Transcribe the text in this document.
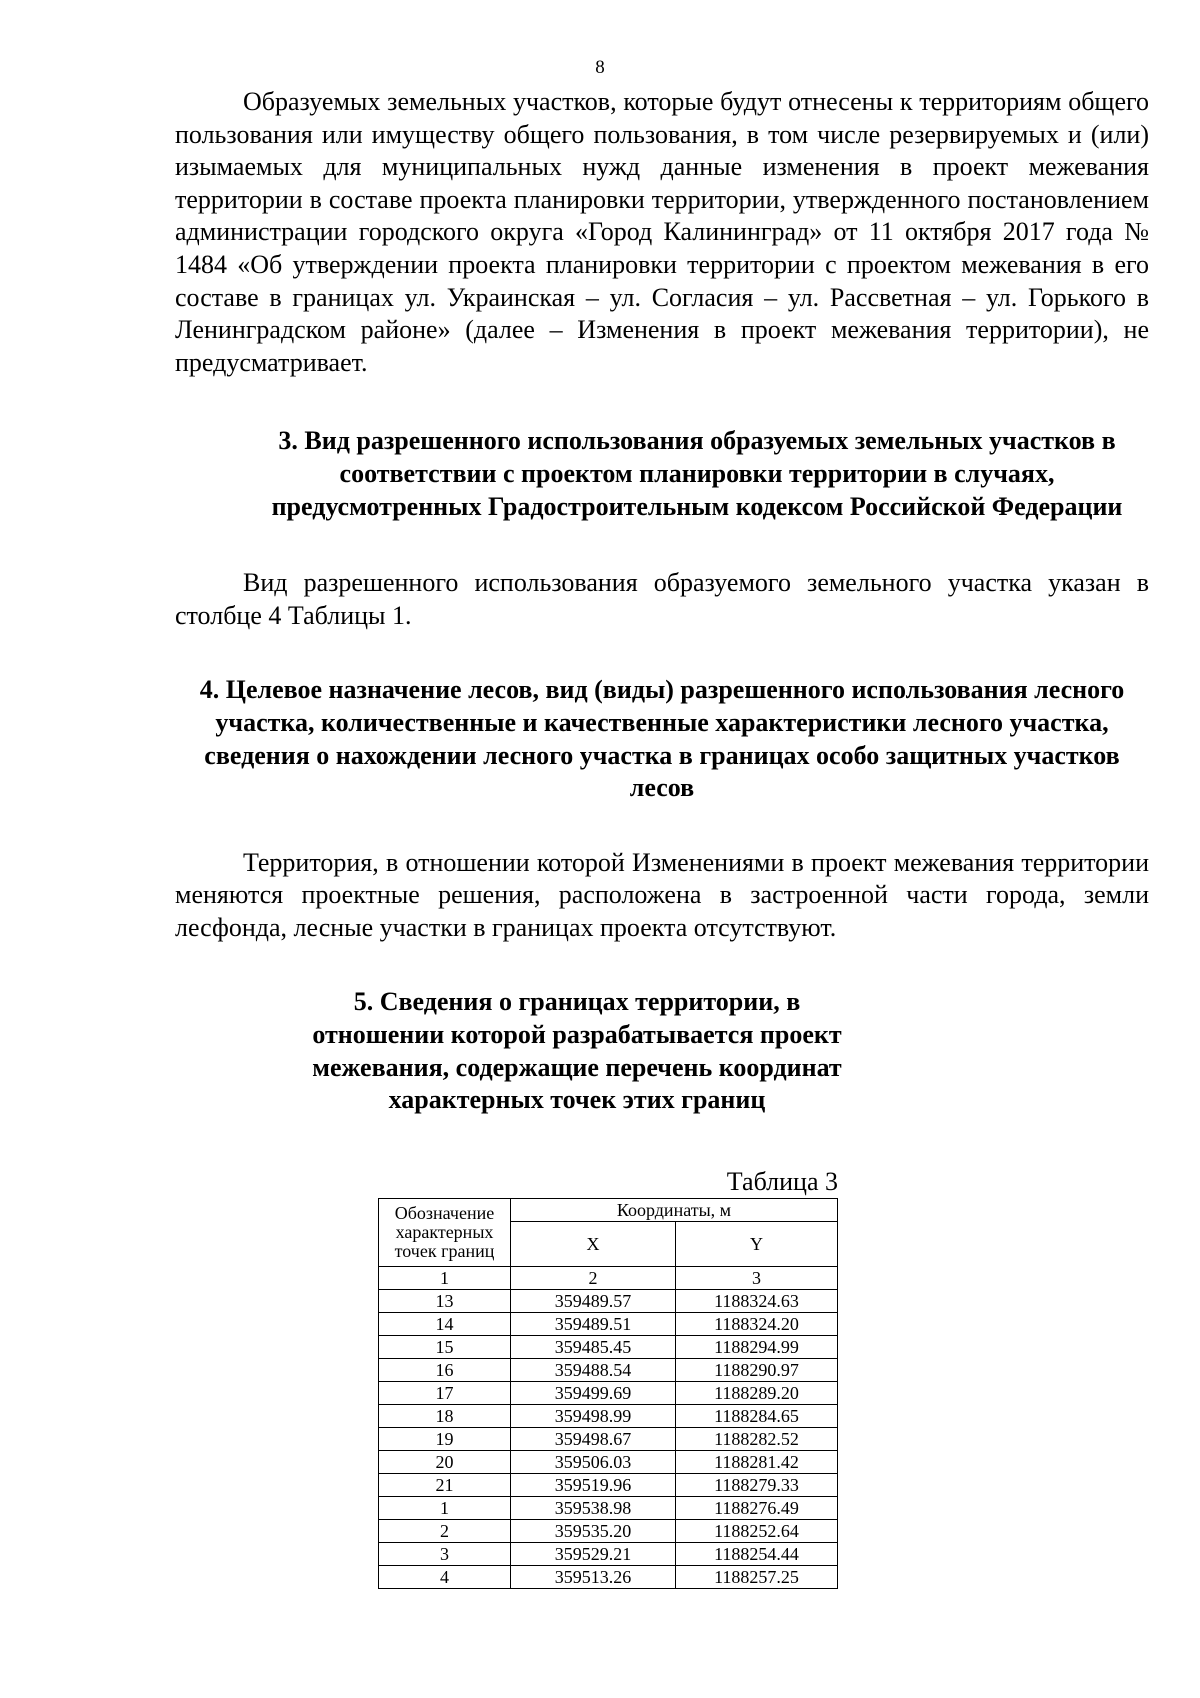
8

Образуемых земельных участков, которые будут отнесены к территориям общего пользования или имуществу общего пользования, в том числе резервируемых и (или) изымаемых для муниципальных нужд данные изменения в проект межевания территории в составе проекта планировки территории, утвержденного постановлением администрации городского округа «Город Калининград» от 11 октября 2017 года № 1484 «Об утверждении проекта планировки территории с проектом межевания в его составе в границах ул. Украинская – ул. Согласия – ул. Рассветная – ул. Горького в Ленинградском районе» (далее – Изменения в проект межевания территории), не предусматривает.

3. Вид разрешенного использования образуемых земельных участков в соответствии с проектом планировки территории в случаях, предусмотренных Градостроительным кодексом Российской Федерации

Вид разрешенного использования образуемого земельного участка указан в столбце 4 Таблицы 1.

4. Целевое назначение лесов, вид (виды) разрешенного использования лесного участка, количественные и качественные характеристики лесного участка, сведения о нахождении лесного участка в границах особо защитных участков лесов

Территория, в отношении которой Изменениями в проект межевания территории меняются проектные решения, расположена в застроенной части города, земли лесфонда, лесные участки в границах проекта отсутствуют.

5. Сведения о границах территории, в отношении которой разрабатывается проект межевания, содержащие перечень координат характерных точек этих границ

Таблица 3

Обозначение характерных точек границ	Координаты, м	
	X	Y
1	2	3
13	359489.57	1188324.63
14	359489.51	1188324.20
15	359485.45	1188294.99
16	359488.54	1188290.97
17	359499.69	1188289.20
18	359498.99	1188284.65
19	359498.67	1188282.52
20	359506.03	1188281.42
21	359519.96	1188279.33
1	359538.98	1188276.49
2	359535.20	1188252.64
3	359529.21	1188254.44
4	359513.26	1188257.25
